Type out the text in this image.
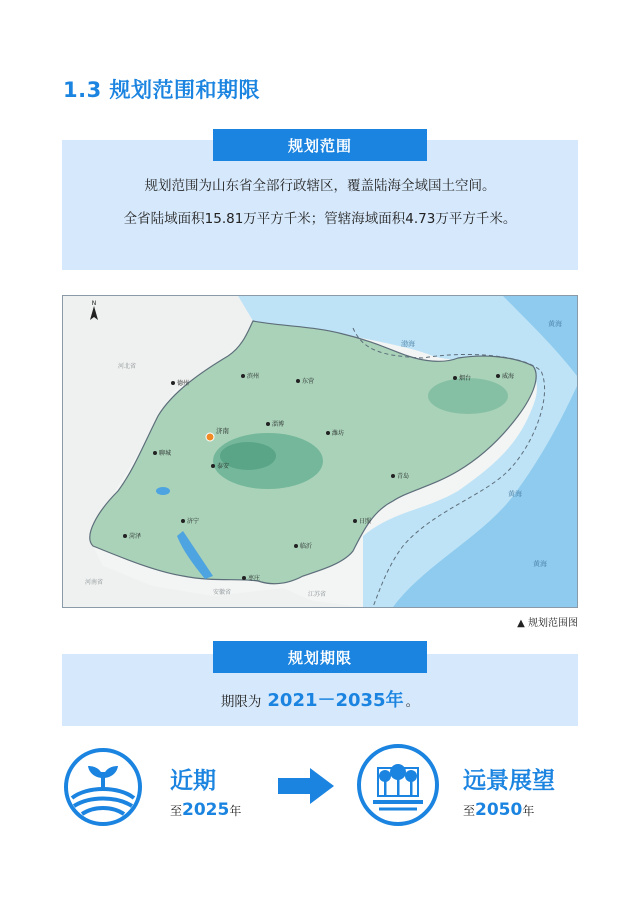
1.3 规划范围和期限
规划范围
规划范围为山东省全部行政辖区，覆盖陆海全域国土空间。
全省陆域面积15.81万平方千米；管辖海域面积4.73万平方千米。
N
渤海
黄海
黄海
黄海
河北省
河南省
安徽省	江苏省
济南
德州
滨州
东营
淄博
潍坊
烟台	威海
聊城
泰安
菏泽
济宁
临沂
枣庄
日照
青岛
▲ 规划范围图
规划期限
期限为 2021－2035年 。
近期
至2025年
远景展望
至2050年
